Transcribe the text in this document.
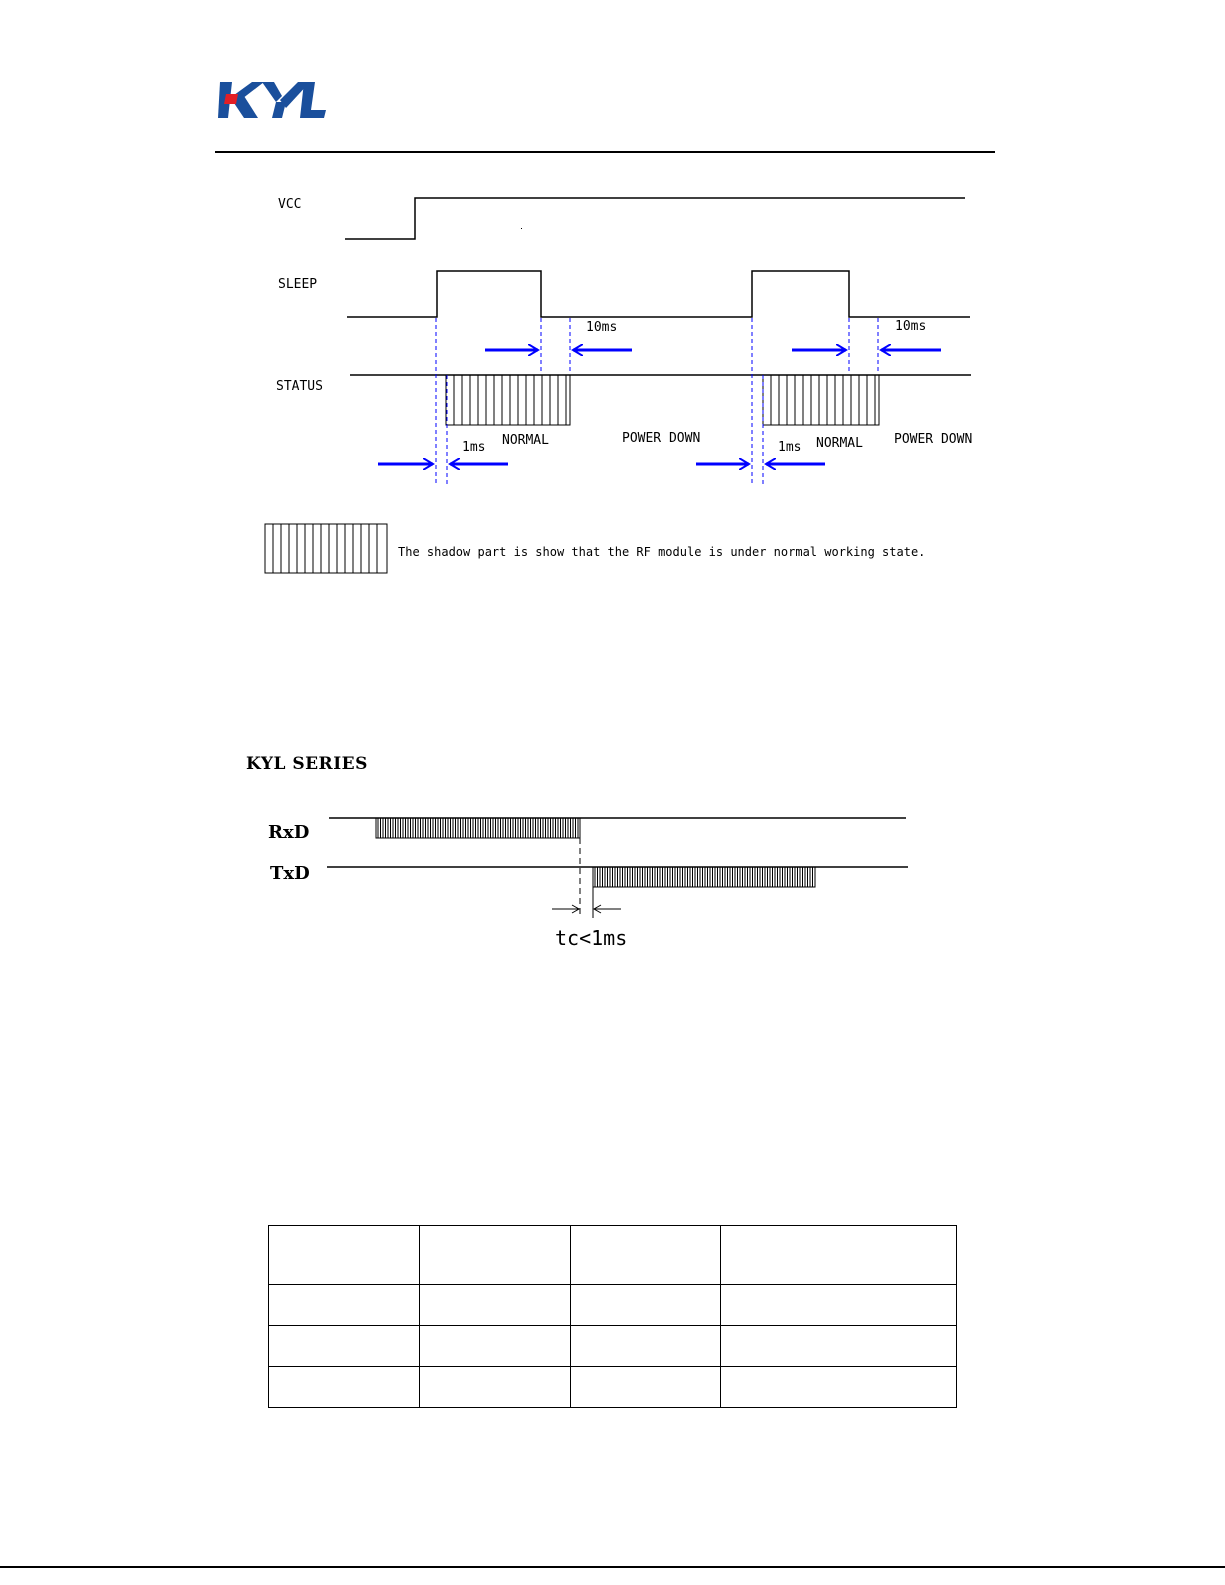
VCC
SLEEP
STATUS
10ms	10ms
1ms	1ms
NORMAL	NORMAL
POWER DOWN	POWER DOWN
The shadow part is show that the RF module is under normal working state.
KYL SERIES
RxD
TxD
tc<1ms
